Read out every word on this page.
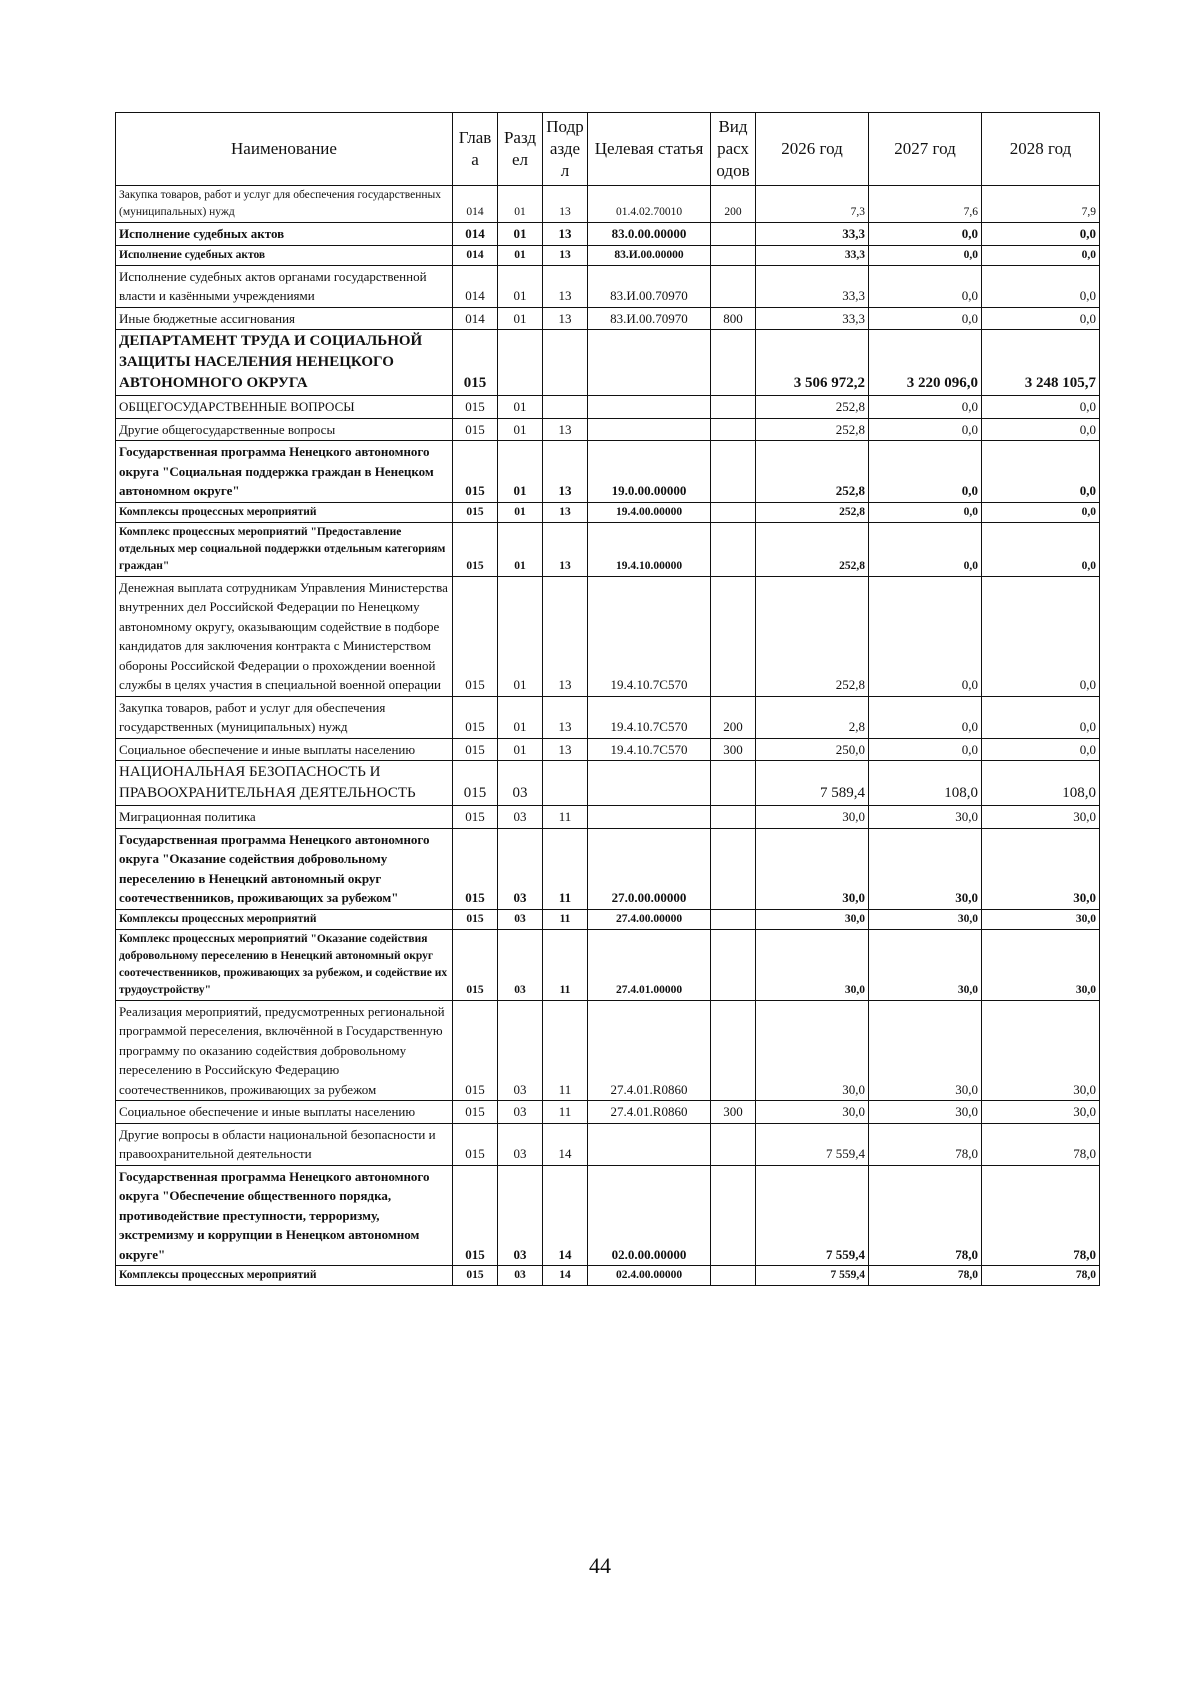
Наименование	Глав а	Разд ел	Подр азде л	Целевая статья	Вид расх одов	2026 год	2027 год	2028 год
Закупка товаров, работ и услуг для обеспечения государственных (муниципальных) нужд	014	01	13	01.4.02.70010	200	7,3	7,6	7,9
Исполнение судебных актов	014	01	13	83.0.00.00000		33,3	0,0	0,0
Исполнение судебных актов	014	01	13	83.И.00.00000		33,3	0,0	0,0
Исполнение судебных актов органами государственной власти и казёнными учреждениями	014	01	13	83.И.00.70970		33,3	0,0	0,0
Иные бюджетные ассигнования	014	01	13	83.И.00.70970	800	33,3	0,0	0,0
ДЕПАРТАМЕНТ ТРУДА И СОЦИАЛЬНОЙ ЗАЩИТЫ НАСЕЛЕНИЯ НЕНЕЦКОГО АВТОНОМНОГО ОКРУГА	015					3 506 972,2	3 220 096,0	3 248 105,7
ОБЩЕГОСУДАРСТВЕННЫЕ ВОПРОСЫ	015	01				252,8	0,0	0,0
Другие общегосударственные вопросы	015	01	13			252,8	0,0	0,0
Государственная программа Ненецкого автономного округа "Социальная поддержка граждан в Ненецком автономном округе"	015	01	13	19.0.00.00000		252,8	0,0	0,0
Комплексы процессных мероприятий	015	01	13	19.4.00.00000		252,8	0,0	0,0
Комплекс процессных мероприятий "Предоставление отдельных мер социальной поддержки отдельным категориям граждан"	015	01	13	19.4.10.00000		252,8	0,0	0,0
Денежная выплата сотрудникам Управления Министерства внутренних дел Российской Федерации по Ненецкому автономному округу, оказывающим содействие в подборе кандидатов для заключения контракта с Министерством обороны Российской Федерации о прохождении военной службы в целях участия в специальной военной операции	015	01	13	19.4.10.7С570		252,8	0,0	0,0
Закупка товаров, работ и услуг для обеспечения государственных (муниципальных) нужд	015	01	13	19.4.10.7С570	200	2,8	0,0	0,0
Социальное обеспечение и иные выплаты населению	015	01	13	19.4.10.7С570	300	250,0	0,0	0,0
НАЦИОНАЛЬНАЯ БЕЗОПАСНОСТЬ И ПРАВООХРАНИТЕЛЬНАЯ ДЕЯТЕЛЬНОСТЬ	015	03				7 589,4	108,0	108,0
Миграционная политика	015	03	11			30,0	30,0	30,0
Государственная программа Ненецкого автономного округа "Оказание содействия добровольному переселению в Ненецкий автономный округ соотечественников, проживающих за рубежом"	015	03	11	27.0.00.00000		30,0	30,0	30,0
Комплексы процессных мероприятий	015	03	11	27.4.00.00000		30,0	30,0	30,0
Комплекс процессных мероприятий "Оказание содействия добровольному переселению в Ненецкий автономный округ соотечественников, проживающих за рубежом, и содействие их трудоустройству"	015	03	11	27.4.01.00000		30,0	30,0	30,0
Реализация мероприятий, предусмотренных региональной программой переселения, включённой в Государственную программу по оказанию содействия добровольному переселению в Российскую Федерацию соотечественников, проживающих за рубежом	015	03	11	27.4.01.R0860		30,0	30,0	30,0
Социальное обеспечение и иные выплаты населению	015	03	11	27.4.01.R0860	300	30,0	30,0	30,0
Другие вопросы в области национальной безопасности и правоохранительной деятельности	015	03	14			7 559,4	78,0	78,0
Государственная программа Ненецкого автономного округа "Обеспечение общественного порядка, противодействие преступности, терроризму, экстремизму и коррупции в Ненецком автономном округе"	015	03	14	02.0.00.00000		7 559,4	78,0	78,0
Комплексы процессных мероприятий	015	03	14	02.4.00.00000		7 559,4	78,0	78,0
44
